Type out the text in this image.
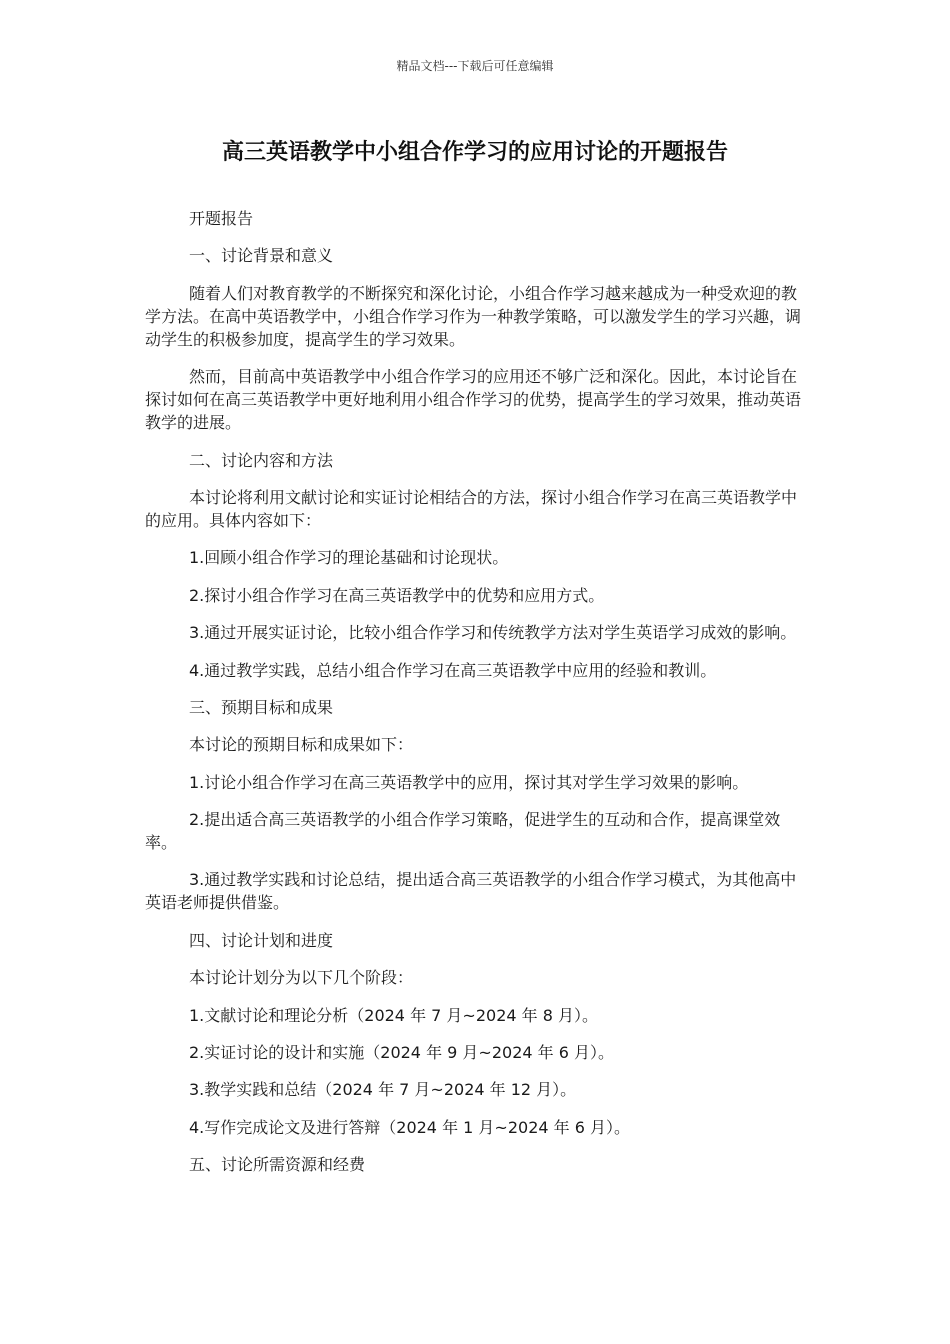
精品文档---下载后可任意编辑
高三英语教学中小组合作学习的应用讨论的开题报告

开题报告

一、讨论背景和意义

随着人们对教育教学的不断探究和深化讨论，小组合作学习越来越成为一种受欢迎的教学方法。在高中英语教学中，小组合作学习作为一种教学策略，可以激发学生的学习兴趣，调动学生的积极参加度，提高学生的学习效果。

然而，目前高中英语教学中小组合作学习的应用还不够广泛和深化。因此，本讨论旨在探讨如何在高三英语教学中更好地利用小组合作学习的优势，提高学生的学习效果，推动英语教学的进展。

二、讨论内容和方法

本讨论将利用文献讨论和实证讨论相结合的方法，探讨小组合作学习在高三英语教学中的应用。具体内容如下：

1.回顾小组合作学习的理论基础和讨论现状。

2.探讨小组合作学习在高三英语教学中的优势和应用方式。

3.通过开展实证讨论，比较小组合作学习和传统教学方法对学生英语学习成效的影响。

4.通过教学实践，总结小组合作学习在高三英语教学中应用的经验和教训。

三、预期目标和成果

本讨论的预期目标和成果如下：

1.讨论小组合作学习在高三英语教学中的应用，探讨其对学生学习效果的影响。

2.提出适合高三英语教学的小组合作学习策略，促进学生的互动和合作，提高课堂效率。

3.通过教学实践和讨论总结，提出适合高三英语教学的小组合作学习模式，为其他高中英语老师提供借鉴。

四、讨论计划和进度

本讨论计划分为以下几个阶段：

1.文献讨论和理论分析（2024 年 7 月~2024 年 8 月）。

2.实证讨论的设计和实施（2024 年 9 月~2024 年 6 月）。

3.教学实践和总结（2024 年 7 月~2024 年 12 月）。

4.写作完成论文及进行答辩（2024 年 1 月~2024 年 6 月）。

五、讨论所需资源和经费
